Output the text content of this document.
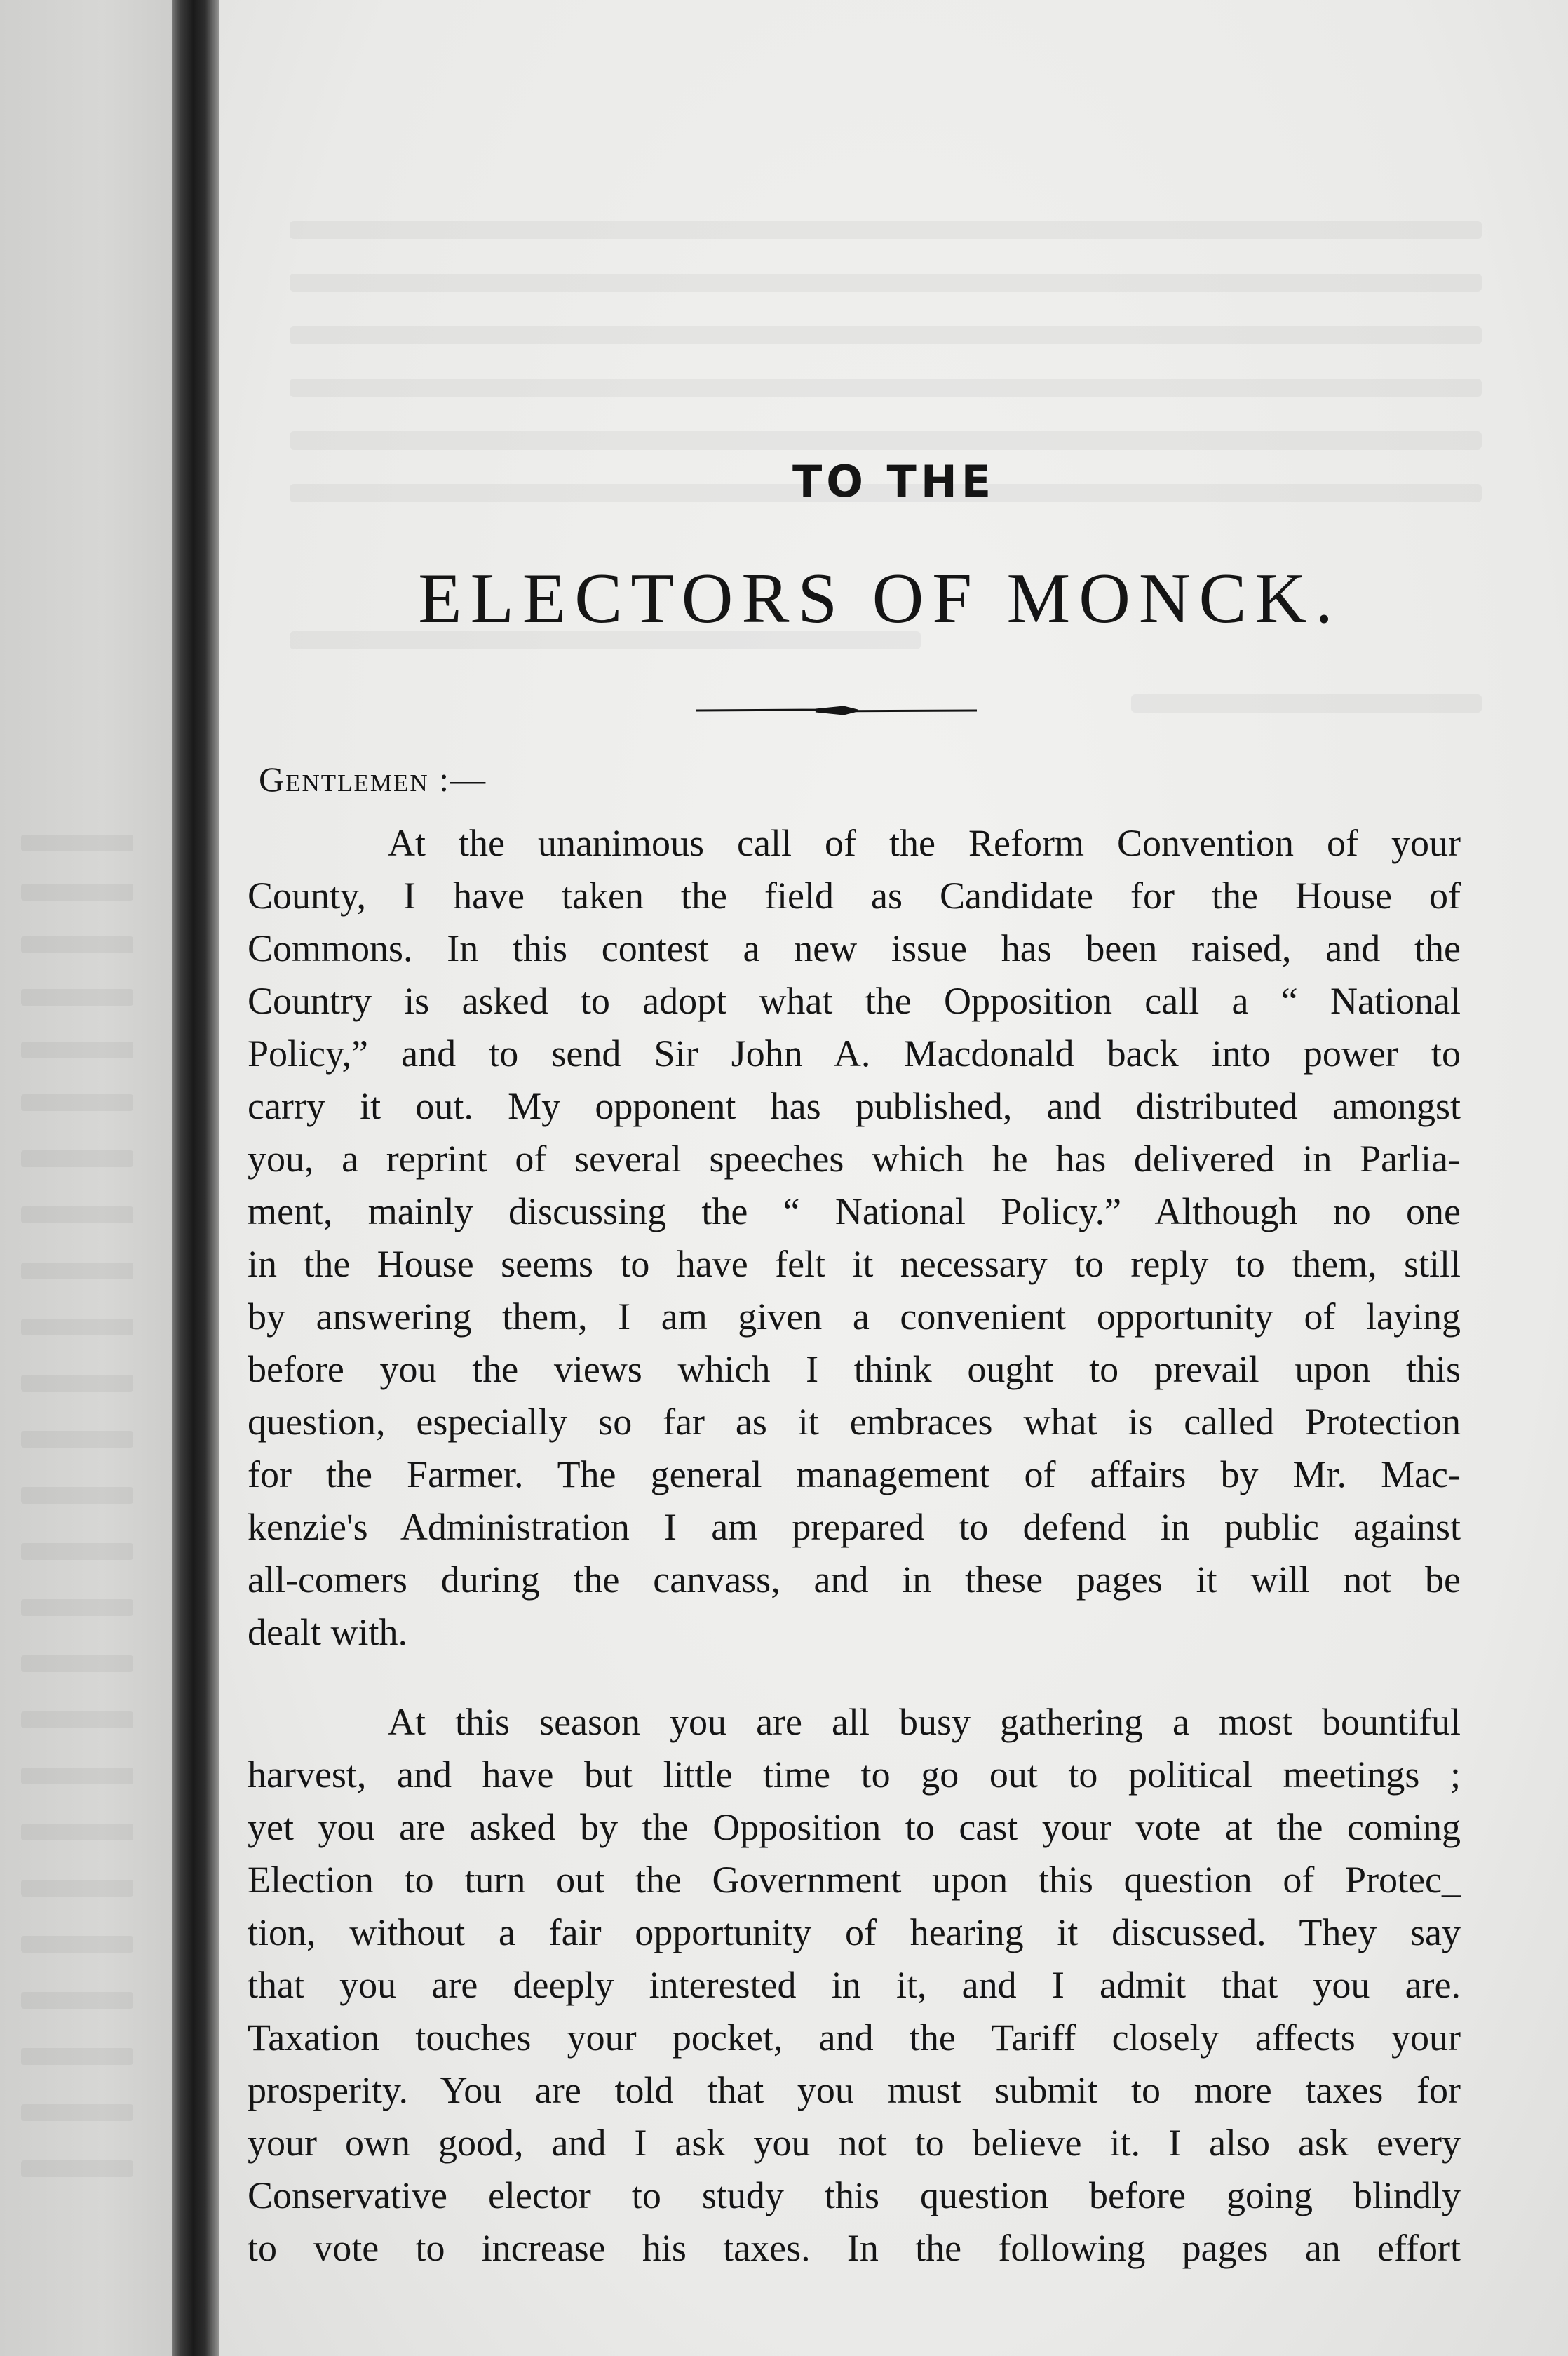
TO THE
ELECTORS OF MONCK.
Gentlemen :—
At the unanimous call of the Reform Convention of your
County, I have taken the field as Candidate for the House of
Commons. In this contest a new issue has been raised, and the
Country is asked to adopt what the Opposition call a “ National
Policy,” and to send Sir John A. Macdonald back into power to
carry it out. My opponent has published, and distributed amongst
you, a reprint of several speeches which he has delivered in Parlia-
ment, mainly discussing the “ National Policy.” Although no one
in the House seems to have felt it necessary to reply to them, still
by answering them, I am given a convenient opportunity of laying
before you the views which I think ought to prevail upon this
question, especially so far as it embraces what is called Protection
for the Farmer. The general management of affairs by Mr. Mac-
kenzie's Administration I am prepared to defend in public against
all-comers during the canvass, and in these pages it will not be
dealt with.
At this season you are all busy gathering a most bountiful
harvest, and have but little time to go out to political meetings ;
yet you are asked by the Opposition to cast your vote at the coming
Election to turn out the Government upon this question of Protec_
tion, without a fair opportunity of hearing it discussed. They say
that you are deeply interested in it, and I admit that you are.
Taxation touches your pocket, and the Tariff closely affects your
prosperity. You are told that you must submit to more taxes for
your own good, and I ask you not to believe it. I also ask every
Conservative elector to study this question before going blindly
to vote to increase his taxes. In the following pages an effort
